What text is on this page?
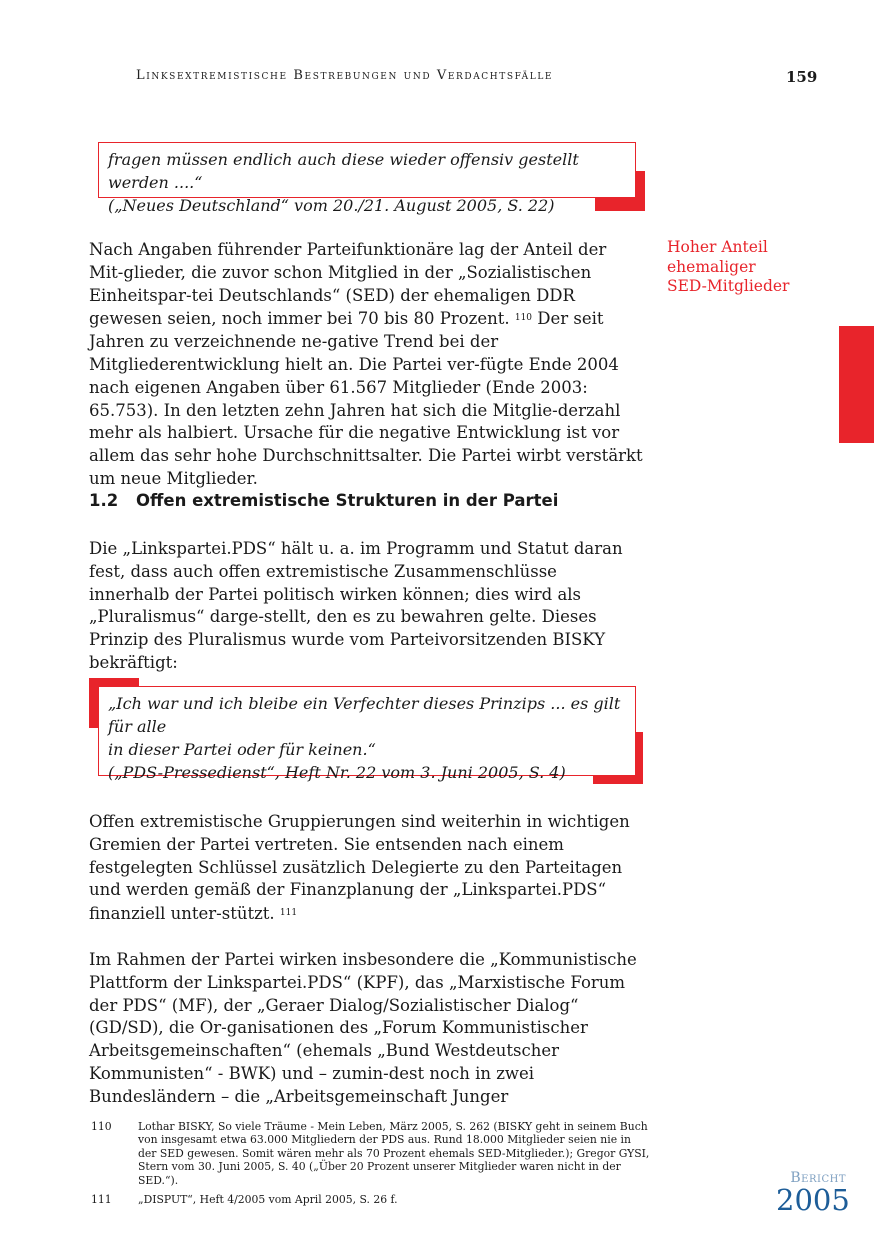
Linksextremistische Bestrebungen und Verdachtsfälle	159
fragen müssen endlich auch diese wieder offensiv gestellt werden ....“
(„Neues Deutschland“ vom 20./21. August 2005, S. 22)
Hoher Anteil
ehemaliger
SED-Mitglieder

Nach Angaben führender Parteifunktionäre lag der Anteil der Mit-glieder, die zuvor schon Mitglied in der „Sozialistischen Einheitspar-tei Deutschlands“ (SED) der ehemaligen DDR gewesen seien, noch immer bei 70 bis 80 Prozent. $^{110}$ Der seit Jahren zu verzeichnende ne-gative Trend bei der Mitgliederentwicklung hielt an. Die Partei ver-fügte Ende 2004 nach eigenen Angaben über 61.567 Mitglieder (Ende 2003: 65.753). In den letzten zehn Jahren hat sich die Mitglie-derzahl mehr als halbiert. Ursache für die negative Entwicklung ist vor allem das sehr hohe Durchschnittsalter. Die Partei wirbt verstärkt um neue Mitglieder.

1.2 Offen extremistische Strukturen in der Partei

Die „Linkspartei.PDS“ hält u. a. im Programm und Statut daran fest, dass auch offen extremistische Zusammenschlüsse innerhalb der Partei politisch wirken können; dies wird als „Pluralismus“ darge-stellt, den es zu bewahren gelte. Dieses Prinzip des Pluralismus wurde vom Parteivorsitzenden BISKY bekräftigt:

„Ich war und ich bleibe ein Verfechter dieses Prinzips ... es gilt für alle
in dieser Partei oder für keinen.“
(„PDS-Pressedienst“, Heft Nr. 22 vom 3. Juni 2005, S. 4)

Offen extremistische Gruppierungen sind weiterhin in wichtigen Gremien der Partei vertreten. Sie entsenden nach einem festgelegten Schlüssel zusätzlich Delegierte zu den Parteitagen und werden gemäß der Finanzplanung der „Linkspartei.PDS“ finanziell unter-stützt. $^{111}$

Im Rahmen der Partei wirken insbesondere die „Kommunistische Plattform der Linkspartei.PDS“ (KPF), das „Marxistische Forum der PDS“ (MF), der „Geraer Dialog/Sozialistischer Dialog“ (GD/SD), die Or-ganisationen des „Forum Kommunistischer Arbeitsgemeinschaften“ (ehemals „Bund Westdeutscher Kommunisten“ - BWK) und – zumin-dest noch in zwei Bundesländern – die „Arbeitsgemeinschaft Junger

110	Lothar BISKY, So viele Träume - Mein Leben, März 2005, S. 262 (BISKY geht in seinem Buch von insgesamt etwa 63.000 Mitgliedern der PDS aus. Rund 18.000 Mitglieder seien nie in der SED gewesen. Somit wären mehr als 70 Prozent ehemals SED-Mitglieder.); Gregor GYSI, Stern vom 30. Juni 2005, S. 40 („Über 20 Prozent unserer Mitglieder waren nicht in der SED.“).
111	„DISPUT“, Heft 4/2005 vom April 2005, S. 26 f.
Bericht
2005
